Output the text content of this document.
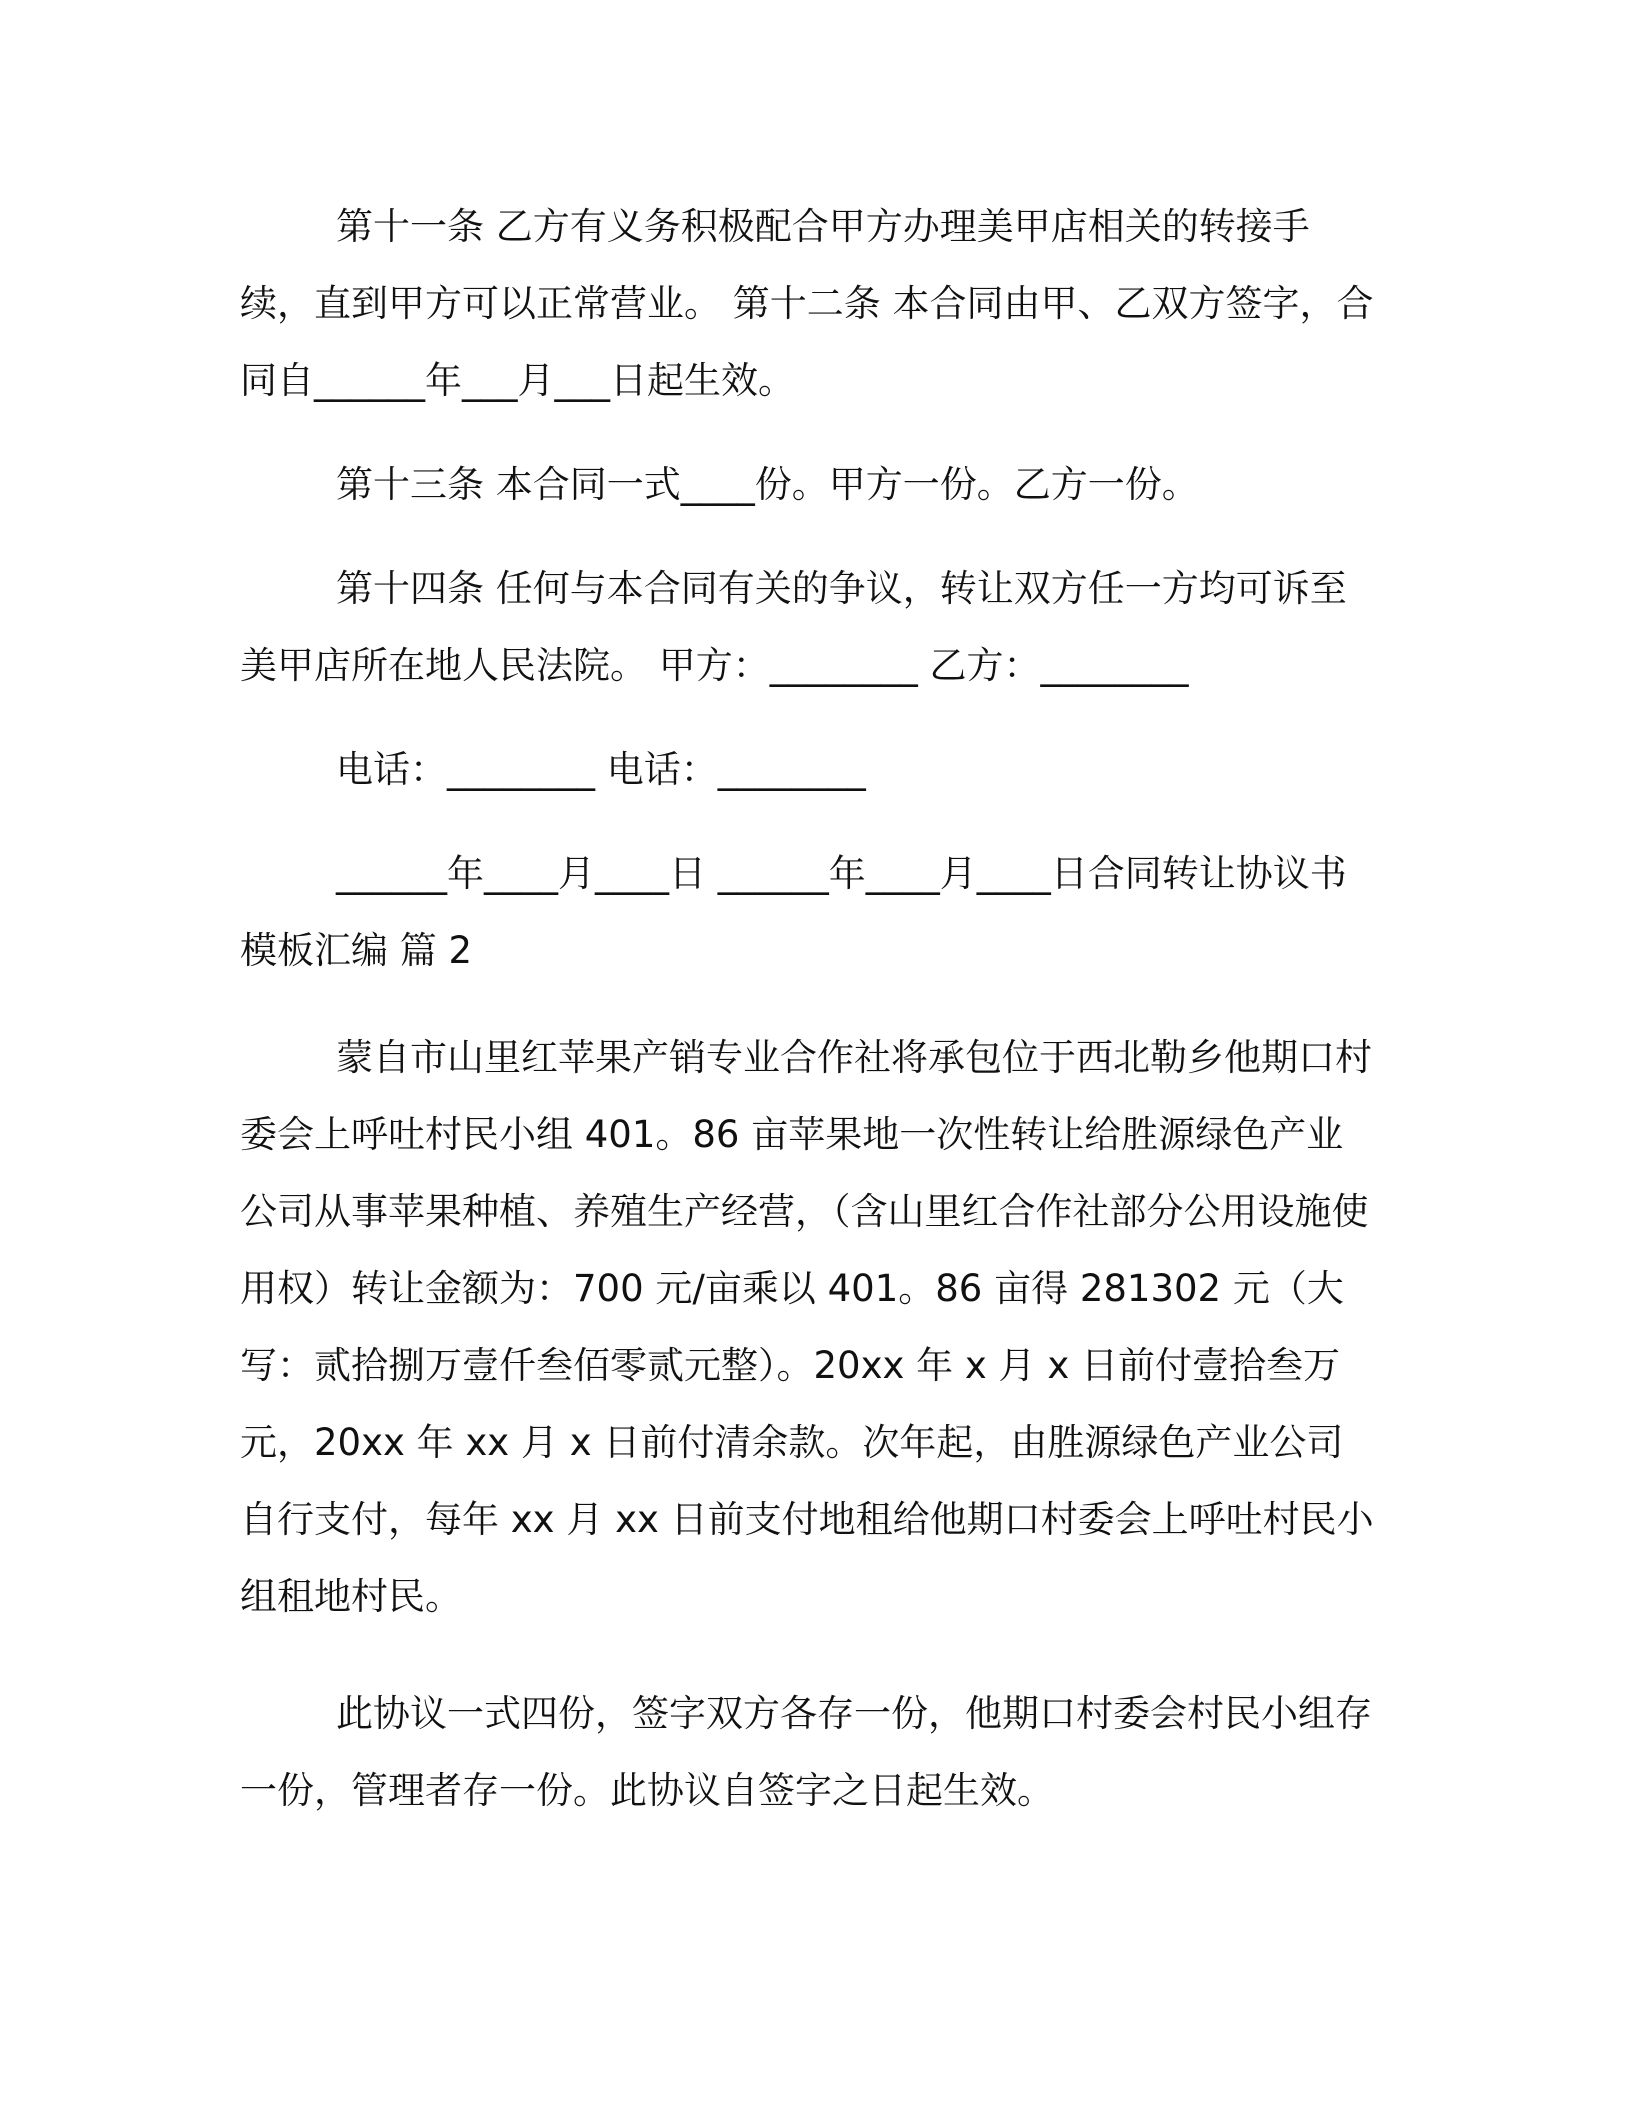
第十一条 乙方有义务积极配合甲方办理美甲店相关的转接手续，直到甲方可以正常营业。 第十二条 本合同由甲、乙双方签字，合同自______年___月___日起生效。

第十三条 本合同一式____份。甲方一份。乙方一份。

第十四条 任何与本合同有关的争议，转让双方任一方均可诉至美甲店所在地人民法院。 甲方：________ 乙方：________

电话：________ 电话：________

______年____月____日 ______年____月____日合同转让协议书模板汇编 篇 2

蒙自市山里红苹果产销专业合作社将承包位于西北勒乡他期口村委会上呼吐村民小组 401。86 亩苹果地一次性转让给胜源绿色产业公司从事苹果种植、养殖生产经营，（含山里红合作社部分公用设施使用权）转让金额为：700 元/亩乘以 401。86 亩得 281302 元（大写：贰拾捌万壹仟叁佰零贰元整）。20xx 年 x 月 x 日前付壹拾叁万元，20xx 年 xx 月 x 日前付清余款。次年起，由胜源绿色产业公司自行支付，每年 xx 月 xx 日前支付地租给他期口村委会上呼吐村民小组租地村民。

此协议一式四份，签字双方各存一份，他期口村委会村民小组存一份，管理者存一份。此协议自签字之日起生效。
